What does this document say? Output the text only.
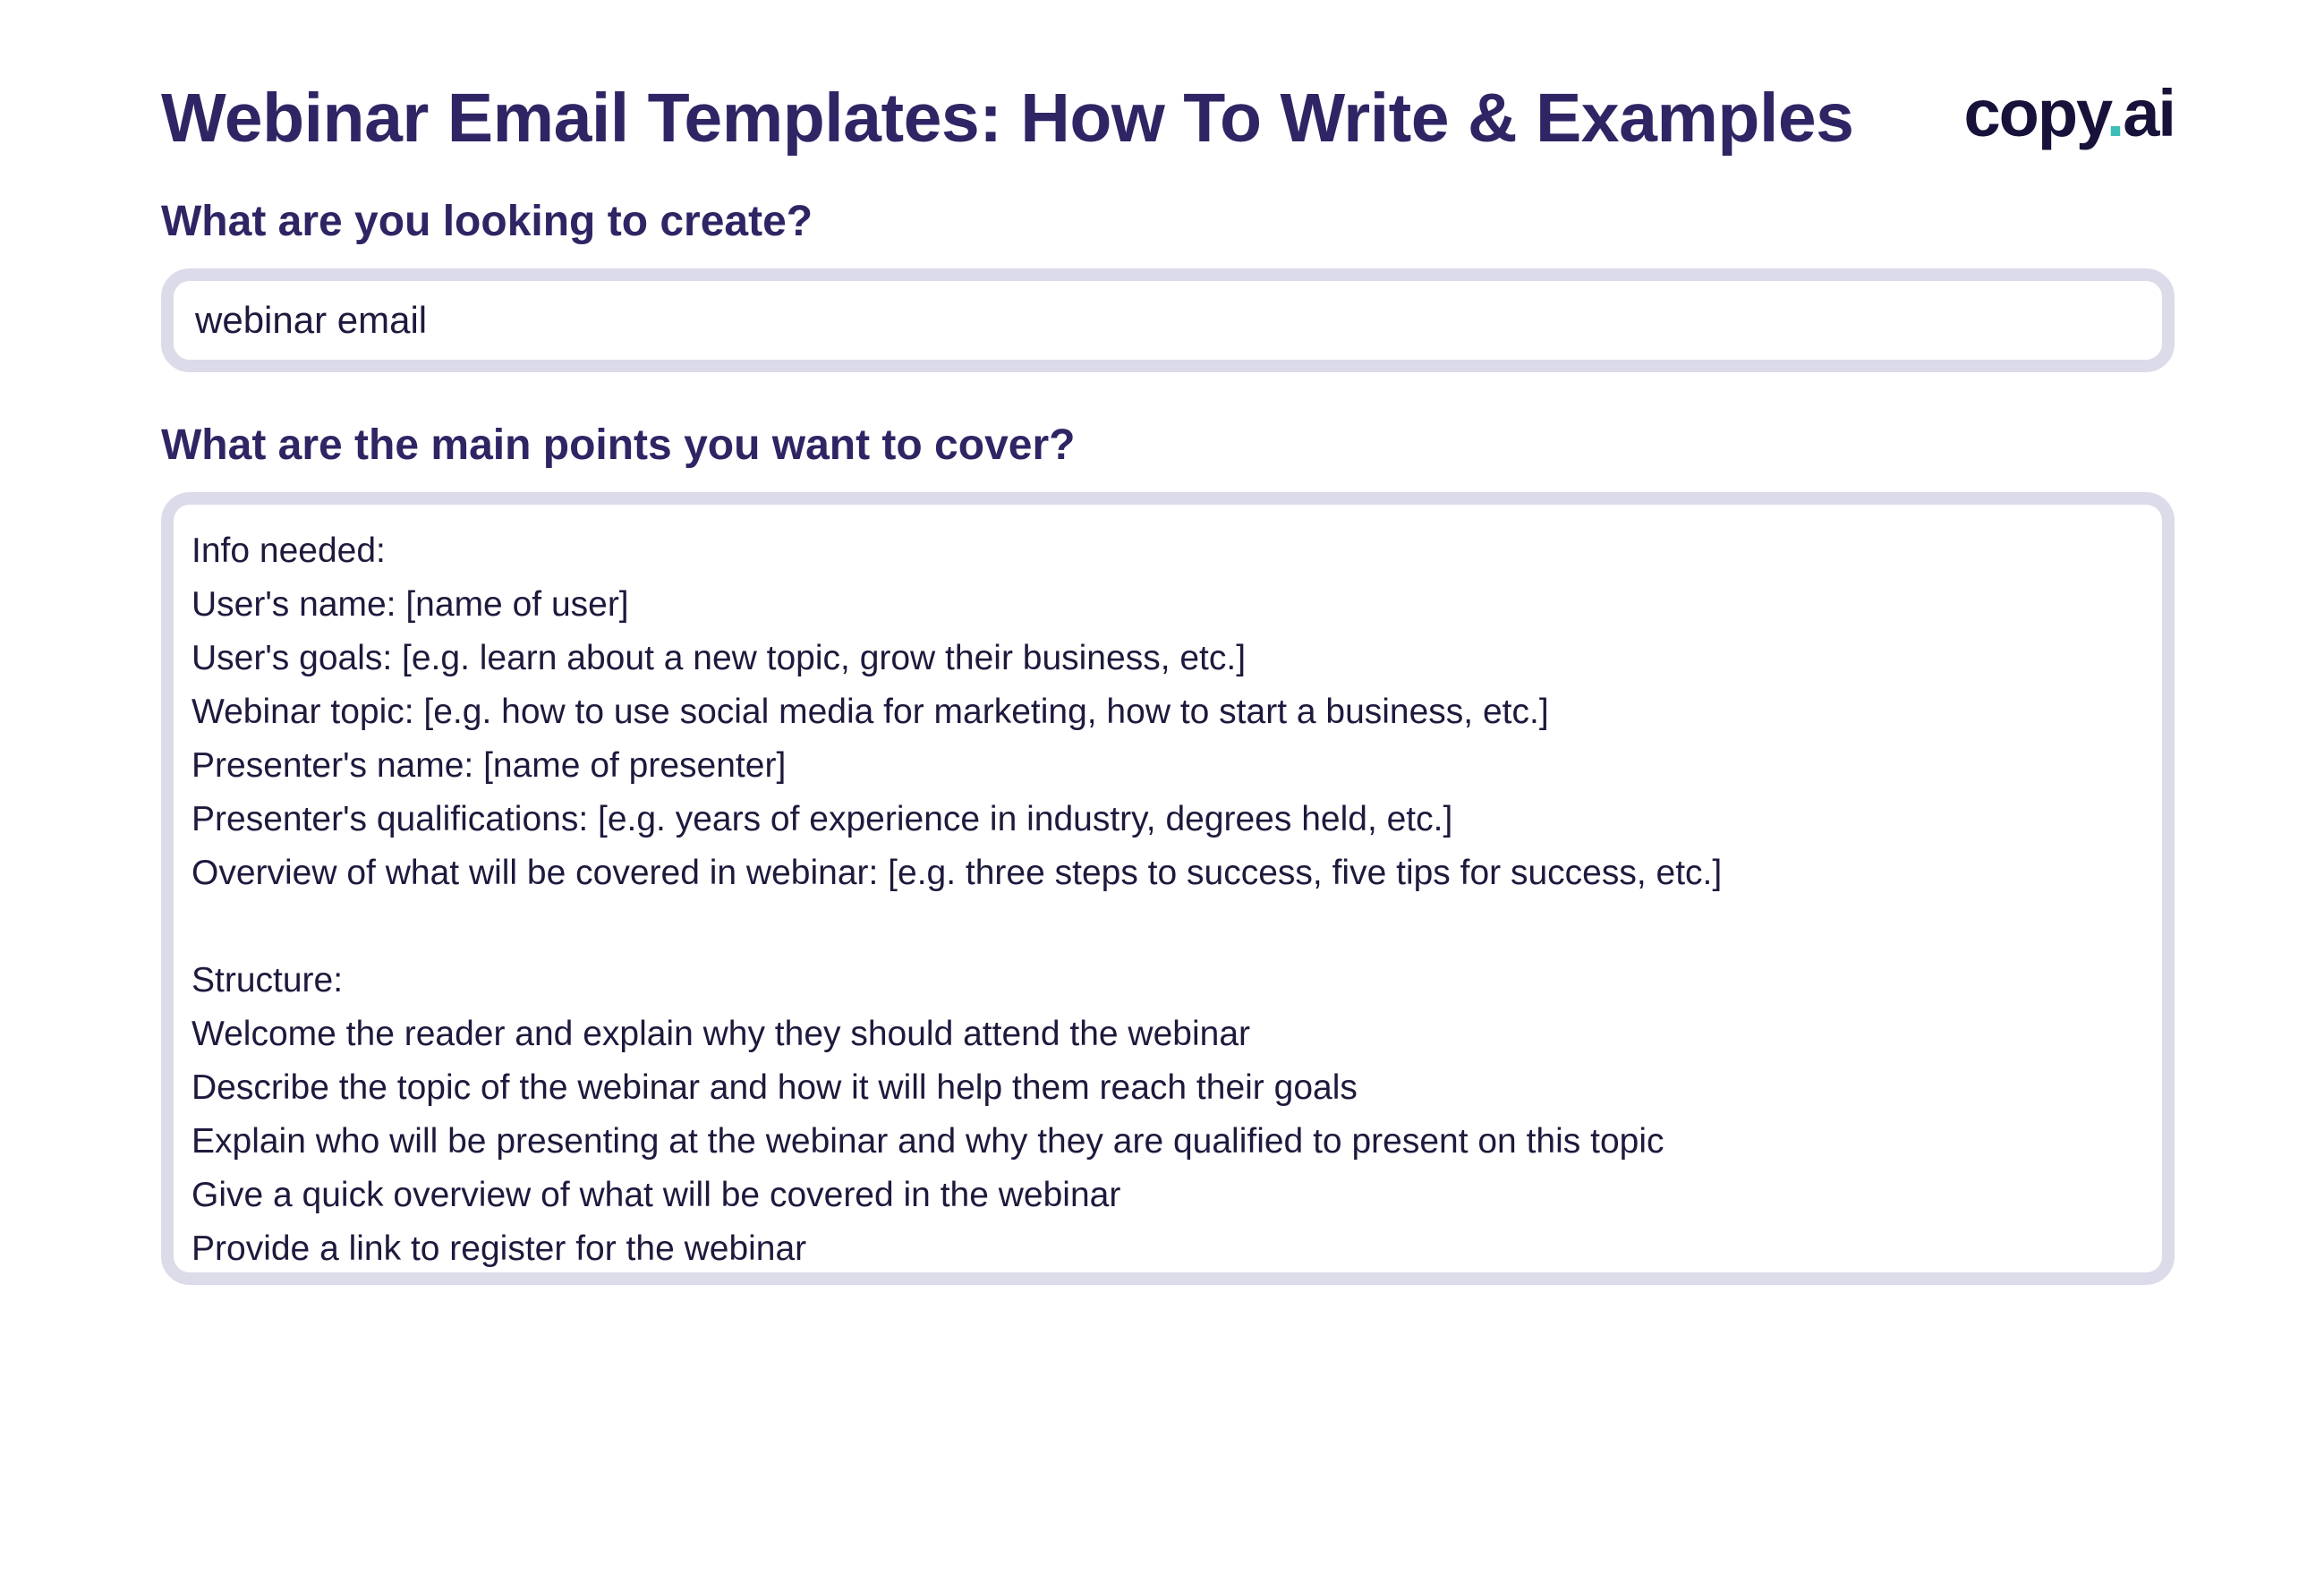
Webinar Email Templates: How To Write & Examples copy.ai
What are you looking to create?
webinar email
What are the main points you want to cover?
Info needed:
User's name: [name of user]
User's goals: [e.g. learn about a new topic, grow their business, etc.]
Webinar topic: [e.g. how to use social media for marketing, how to start a business, etc.]
Presenter's name: [name of presenter]
Presenter's qualifications: [e.g. years of experience in industry, degrees held, etc.]
Overview of what will be covered in webinar: [e.g. three steps to success, five tips for success, etc.]
Structure:
Welcome the reader and explain why they should attend the webinar
Describe the topic of the webinar and how it will help them reach their goals
Explain who will be presenting at the webinar and why they are qualified to present on this topic
Give a quick overview of what will be covered in the webinar
Provide a link to register for the webinar
